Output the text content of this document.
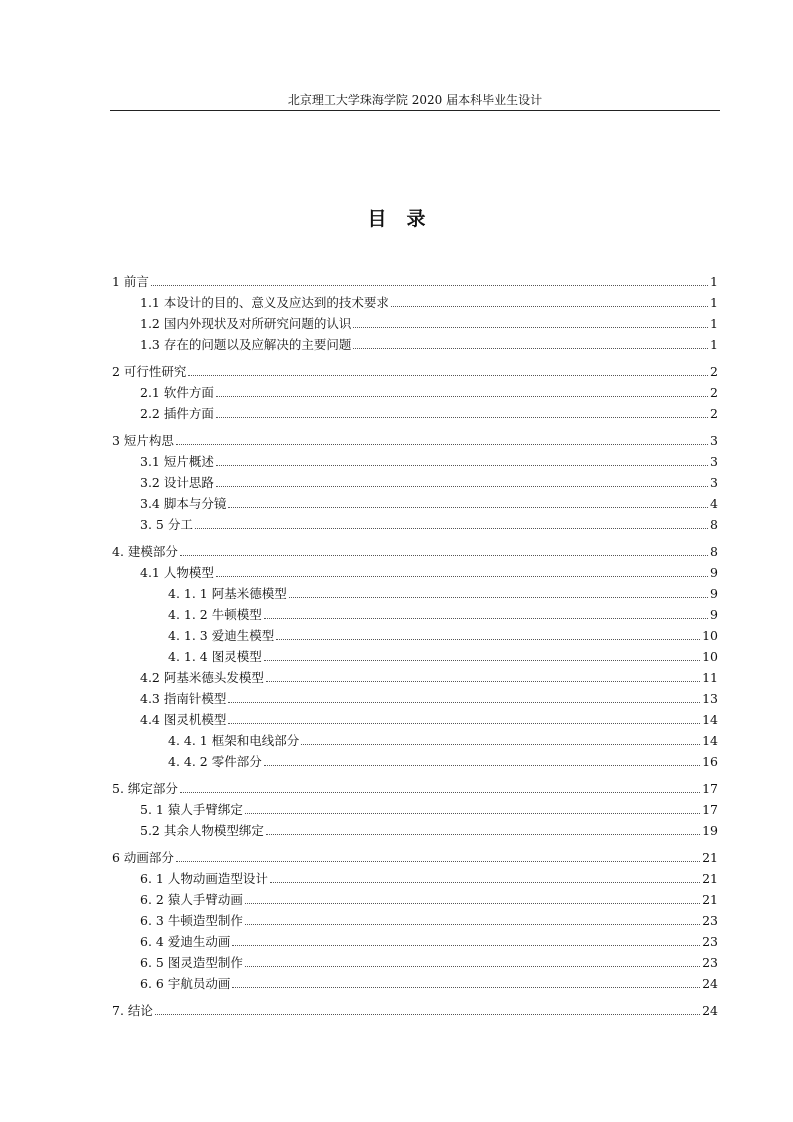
北京理工大学珠海学院 2020 届本科毕业生设计
目录
1 前言	1
1.1 本设计的目的、意义及应达到的技术要求	1
1.2 国内外现状及对所研究问题的认识	1
1.3 存在的问题以及应解决的主要问题	1
2 可行性研究	2
2.1 软件方面	2
2.2 插件方面	2
3 短片构思	3
3.1 短片概述	3
3.2 设计思路	3
3.4 脚本与分镜	4
3. 5 分工	8
4. 建模部分	8
4.1 人物模型	9
4. 1. 1 阿基米德模型	9
4. 1. 2 牛顿模型	9
4. 1. 3 爱迪生模型	10
4. 1. 4 图灵模型	10
4.2 阿基米德头发模型	11
4.3 指南针模型	13
4.4 图灵机模型	14
4. 4. 1 框架和电线部分	14
4. 4. 2 零件部分	16
5. 绑定部分	17
5. 1 猿人手臂绑定	17
5.2 其余人物模型绑定	19
6 动画部分	21
6. 1 人物动画造型设计	21
6. 2 猿人手臂动画	21
6. 3 牛顿造型制作	23
6. 4 爱迪生动画	23
6. 5 图灵造型制作	23
6. 6 宇航员动画	24
7. 结论	24
